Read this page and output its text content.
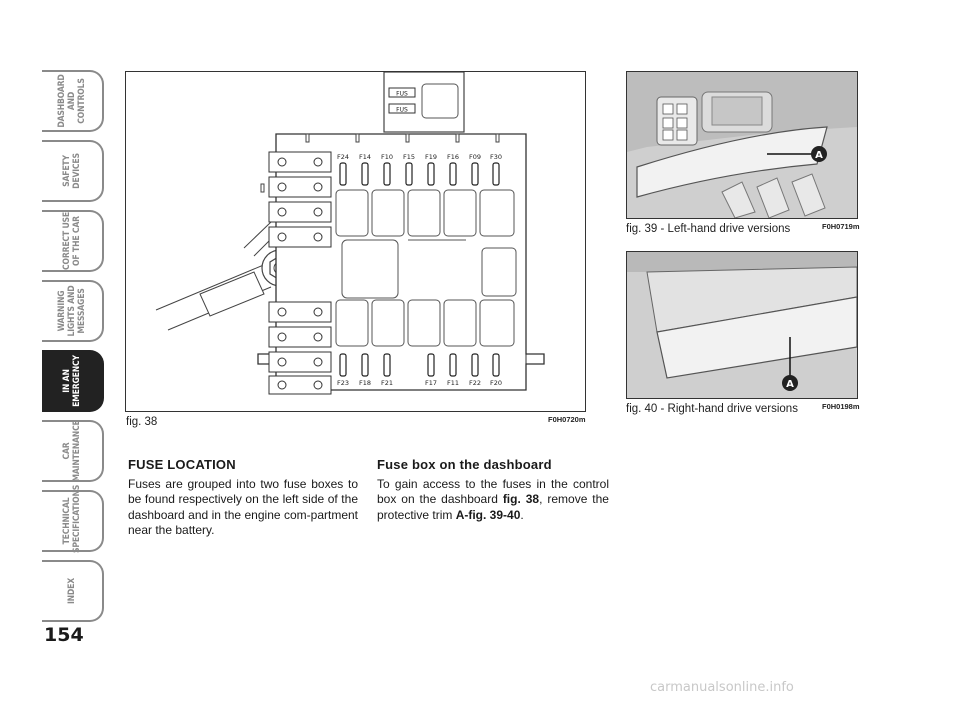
DASHBOARD
AND CONTROLS
SAFETY
DEVICES
CORRECT USE
OF THE CAR
WARNING
LIGHTS AND
MESSAGES
IN AN
EMERGENCY
CAR
MAINTENANCE
TECHNICAL
SPECIFICATIONS
INDEX
154
FUS
FUS
F24 F14 F10 F15 F19 F16 F09 F30
F23 F18 F21	F17 F11 F22 F20
fig. 38	F0H0720m
A
fig. 39 - Left-hand drive versions	F0H0719m
A
fig. 40 - Right-hand drive versions	F0H0198m
FUSE LOCATION
Fuses are grouped into two fuse boxes to be found respectively on the left side of the dashboard and in the engine com-partment near the battery.
Fuse box on the dashboard
To gain access to the fuses in the control box on the dashboard fig. 38, remove the protective trim A-fig. 39-40.
carmanualsonline.info
